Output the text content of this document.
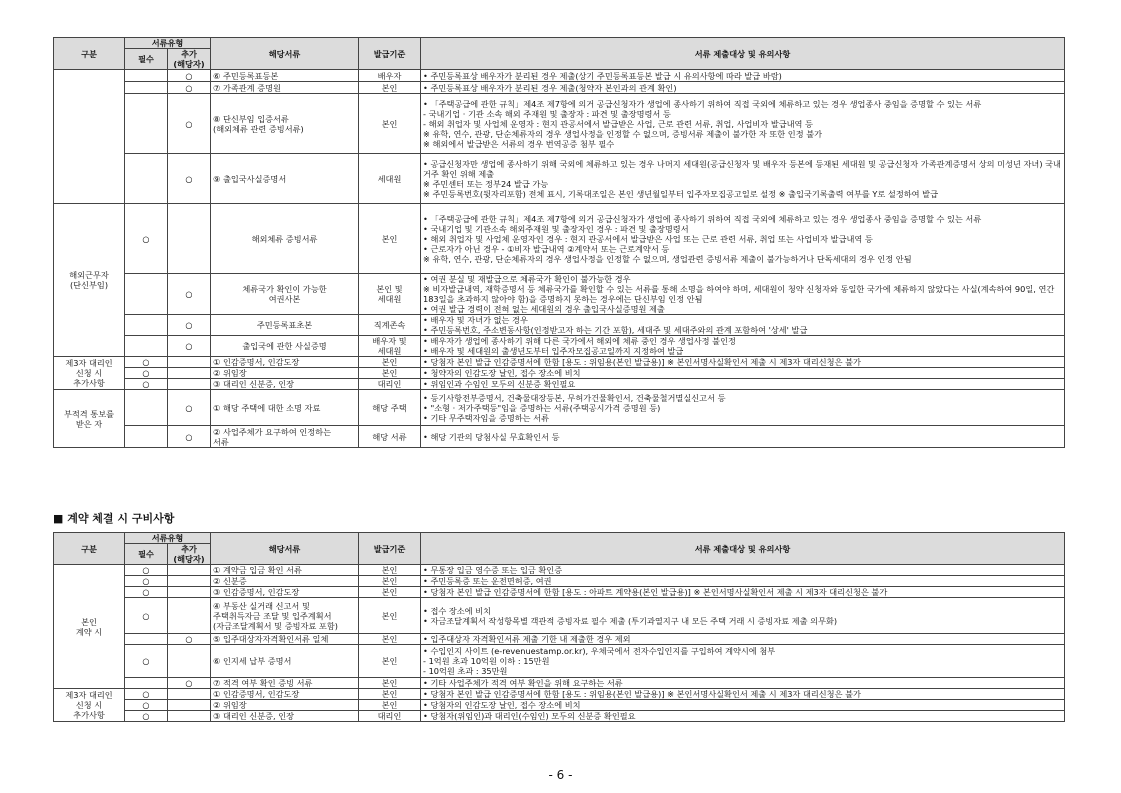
구분	서류유형		해당서류	발급기준	서류 제출대상 및 유의사항
	필수	추가
(해당자)			
		○	⑥ 주민등록표등본	배우자	• 주민등록표상 배우자가 분리된 경우 제출(상기 주민등록표등본 발급 시 유의사항에 따라 발급 바람)
		○	⑦ 가족관계 증명원	본인	• 주민등록표상 배우자가 분리된 경우 제출(청약자 본인과의 관계 확인)
		○	⑧ 단신부임 입증서류
(해외체류 관련 증빙서류)	본인	• 「주택공급에 관한 규칙」제4조 제7항에 의거 공급신청자가 생업에 종사하기 위하여 직접 국외에 체류하고 있는 경우 생업종사 중임을 증명할 수 있는 서류
- 국내기업 · 기관 소속 해외 주재원 및 출장자 : 파견 및 출장명령서 등
- 해외 취업자 및 사업체 운영자 : 현지 관공서에서 발급받은 사업, 근로 관련 서류, 취업, 사업비자 발급내역 등
※ 유학, 연수, 관광, 단순체류자의 경우 생업사정을 인정할 수 없으며, 증빙서류 제출이 불가한 자 또한 인정 불가
※ 해외에서 발급받은 서류의 경우 번역공증 첨부 필수
		○	⑨ 출입국사실증명서	세대원	• 공급신청자만 생업에 종사하기 위해 국외에 체류하고 있는 경우 나머지 세대원(공급신청자 및 배우자 등본에 등재된 세대원 및 공급신청자 가족관계증명서 상의 미성년 자녀) 국내 거주 확인 위해 제출
※ 주민센터 또는 정부24 발급 가능
※ 주민등록번호(뒷자리포함) 전체 표시, 기록대조일은 본인 생년월일부터 입주자모집공고일로 설정 ※ 출입국기록출력 여부를 Y로 설정하여 발급
해외근무자
(단신부임)	○		해외체류 증빙서류	본인	• 「주택공급에 관한 규칙」제4조 제7항에 의거 공급신청자가 생업에 종사하기 위하여 직접 국외에 체류하고 있는 경우 생업종사 중임을 증명할 수 있는 서류
• 국내기업 및 기관소속 해외주재원 및 출장자인 경우 : 파견 및 출장명령서
• 해외 취업자 및 사업체 운영자인 경우 : 현지 관공서에서 발급받은 사업 또는 근로 관련 서류, 취업 또는 사업비자 발급내역 등
• 근로자가 아닌 경우 - ①비자 발급내역 ②계약서 또는 근로계약서 등
※ 유학, 연수, 관광, 단순체류자의 경우 생업사정을 인정할 수 없으며, 생업관련 증빙서류 제출이 불가능하거나 단독세대의 경우 인정 안됨
		○	체류국가 확인이 가능한
여권사본	본인 및
세대원	• 여권 분실 및 재발급으로 체류국가 확인이 불가능한 경우
※ 비자발급내역, 재학증명서 등 체류국가를 확인할 수 있는 서류를 통해 소명을 하여야 하며, 세대원이 청약 신청자와 동일한 국가에 체류하지 않았다는 사실(계속하여 90일, 연간 183일을 초과하지 않아야 함)을 증명하지 못하는 경우에는 단신부임 인정 안됨
• 여권 발급 경력이 전혀 없는 세대원의 경우 출입국사실증명원 제출
		○	주민등록표초본	직계존속	• 배우자 및 자녀가 없는 경우
• 주민등록번호, 주소변동사항(인정받고자 하는 기간 포함), 세대주 및 세대주와의 관계 포함하여 '상세' 발급
		○	출입국에 관한 사실증명	배우자 및
세대원	• 배우자가 생업에 종사하기 위해 다른 국가에서 해외에 체류 중인 경우 생업사정 불인정
• 배우자 및 세대원의 출생년도부터 입주자모집공고일까지 지정하여 발급
제3자 대리인
신청 시
추가사항	○		① 인감증명서, 인감도장	본인	• 당첨자 본인 발급 인감증명서에 한함 [용도 : 위임용(본인 발급용)] ※ 본인서명사실확인서 제출 시 제3자 대리신청은 불가
	○		② 위임장	본인	• 청약자의 인감도장 날인, 접수 장소에 비치
	○		③ 대리인 신분증, 인장	대리인	• 위임인과 수임인 모두의 신분증 확인필요
부적격 통보를
받은 자		○	① 해당 주택에 대한 소명 자료	해당 주택	• 등기사항전부증명서, 건축물대장등본, 무허가건물확인서, 건축물철거멸실신고서 등
• "소형 · 저가주택등"임을 증명하는 서류(주택공시가격 증명원 등)
• 기타 무주택자임을 증명하는 서류
		○	② 사업주체가 요구하여 인정하는
서류	해당 서류	• 해당 기관의 당첨사실 무효확인서 등
■ 계약 체결 시 구비사항
구분	서류유형		해당서류	발급기준	서류 제출대상 및 유의사항
	필수	추가
(해당자)			
본인
계약 시	○		① 계약금 입금 확인 서류	본인	• 무통장 입금 영수증 또는 입금 확인증
	○		② 신분증	본인	• 주민등록증 또는 운전면허증, 여권
	○		③ 인감증명서, 인감도장	본인	• 당첨자 본인 발급 인감증명서에 한함 [용도 : 아파트 계약용(본인 발급용)] ※ 본인서명사실확인서 제출 시 제3자 대리신청은 불가
	○		④ 부동산 실거래 신고서 및
주택취득자금 조달 및 입주계획서
(자금조달계획서 및 증빙자료 포함)	본인	• 접수 장소에 비치
• 자금조달계획서 작성항목별 객관적 증빙자료 필수 제출 (투기과열지구 내 모든 주택 거래 시 증빙자료 제출 의무화)
		○	⑤ 입주대상자자격확인서류 일체	본인	• 입주대상자 자격확인서류 제출 기한 내 제출한 경우 제외
	○		⑥ 인지세 납부 증명서	본인	• 수입인지 사이트 (e-revenuestamp.or.kr), 우체국에서 전자수입인지를 구입하여 계약시에 첨부
- 1억원 초과 10억원 이하 : 15만원
- 10억원 초과 : 35만원
		○	⑦ 적격 여부 확인 증빙 서류	본인	• 기타 사업주체가 적격 여부 확인을 위해 요구하는 서류
제3자 대리인
신청 시
추가사항	○		① 인감증명서, 인감도장	본인	• 당첨자 본인 발급 인감증명서에 한함 [용도 : 위임용(본인 발급용)] ※ 본인서명사실확인서 제출 시 제3자 대리신청은 불가
	○		② 위임장	본인	• 당첨자의 인감도장 날인, 접수 장소에 비치
	○		③ 대리인 신분증, 인장	대리인	• 당첨자(위임인)과 대리인(수임인) 모두의 신분증 확인필요
- 6 -
